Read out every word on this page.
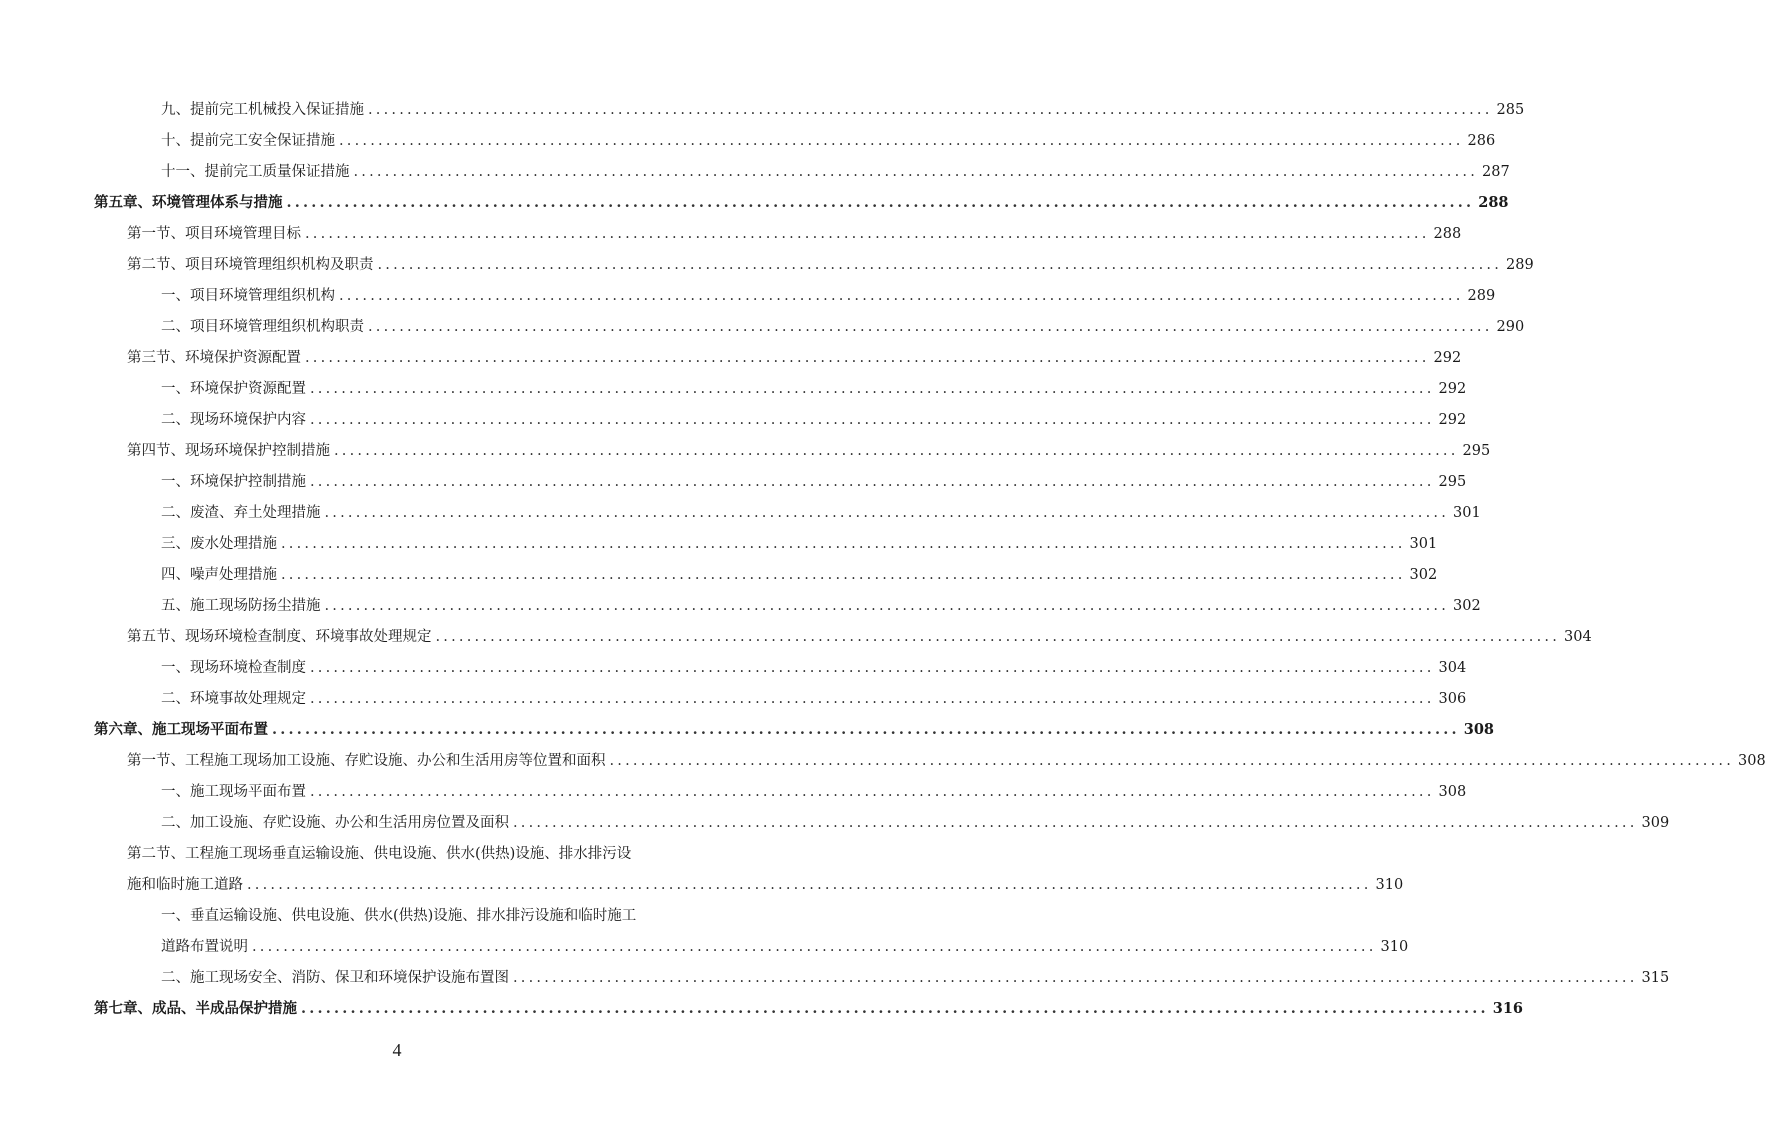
九、提前完工机械投入保证措施 ................................................................................................................................................ 285
十、提前完工安全保证措施 ................................................................................................................................................ 286
十一、提前完工质量保证措施 ................................................................................................................................................ 287
第五章、环境管理体系与措施 ................................................................................................................................................ 288
第一节、项目环境管理目标 ................................................................................................................................................ 288
第二节、项目环境管理组织机构及职责 ................................................................................................................................................ 289
一、项目环境管理组织机构 ................................................................................................................................................ 289
二、项目环境管理组织机构职责 ................................................................................................................................................ 290
第三节、环境保护资源配置 ................................................................................................................................................ 292
一、环境保护资源配置 ................................................................................................................................................ 292
二、现场环境保护内容 ................................................................................................................................................ 292
第四节、现场环境保护控制措施 ................................................................................................................................................ 295
一、环境保护控制措施 ................................................................................................................................................ 295
二、废渣、弃土处理措施 ................................................................................................................................................ 301
三、废水处理措施 ................................................................................................................................................ 301
四、噪声处理措施 ................................................................................................................................................ 302
五、施工现场防扬尘措施 ................................................................................................................................................ 302
第五节、现场环境检查制度、环境事故处理规定 ................................................................................................................................................ 304
一、现场环境检查制度 ................................................................................................................................................ 304
二、环境事故处理规定 ................................................................................................................................................ 306
第六章、施工现场平面布置 ................................................................................................................................................ 308
第一节、工程施工现场加工设施、存贮设施、办公和生活用房等位置和面积 ................................................................................................................................................ 308
一、施工现场平面布置 ................................................................................................................................................ 308
二、加工设施、存贮设施、办公和生活用房位置及面积 ................................................................................................................................................ 309
第二节、工程施工现场垂直运输设施、供电设施、供水(供热)设施、排水排污设
施和临时施工道路 ................................................................................................................................................ 310
一、垂直运输设施、供电设施、供水(供热)设施、排水排污设施和临时施工
道路布置说明 ................................................................................................................................................ 310
二、施工现场安全、消防、保卫和环境保护设施布置图 ................................................................................................................................................ 315
第七章、成品、半成品保护措施 ................................................................................................................................................ 316
4
